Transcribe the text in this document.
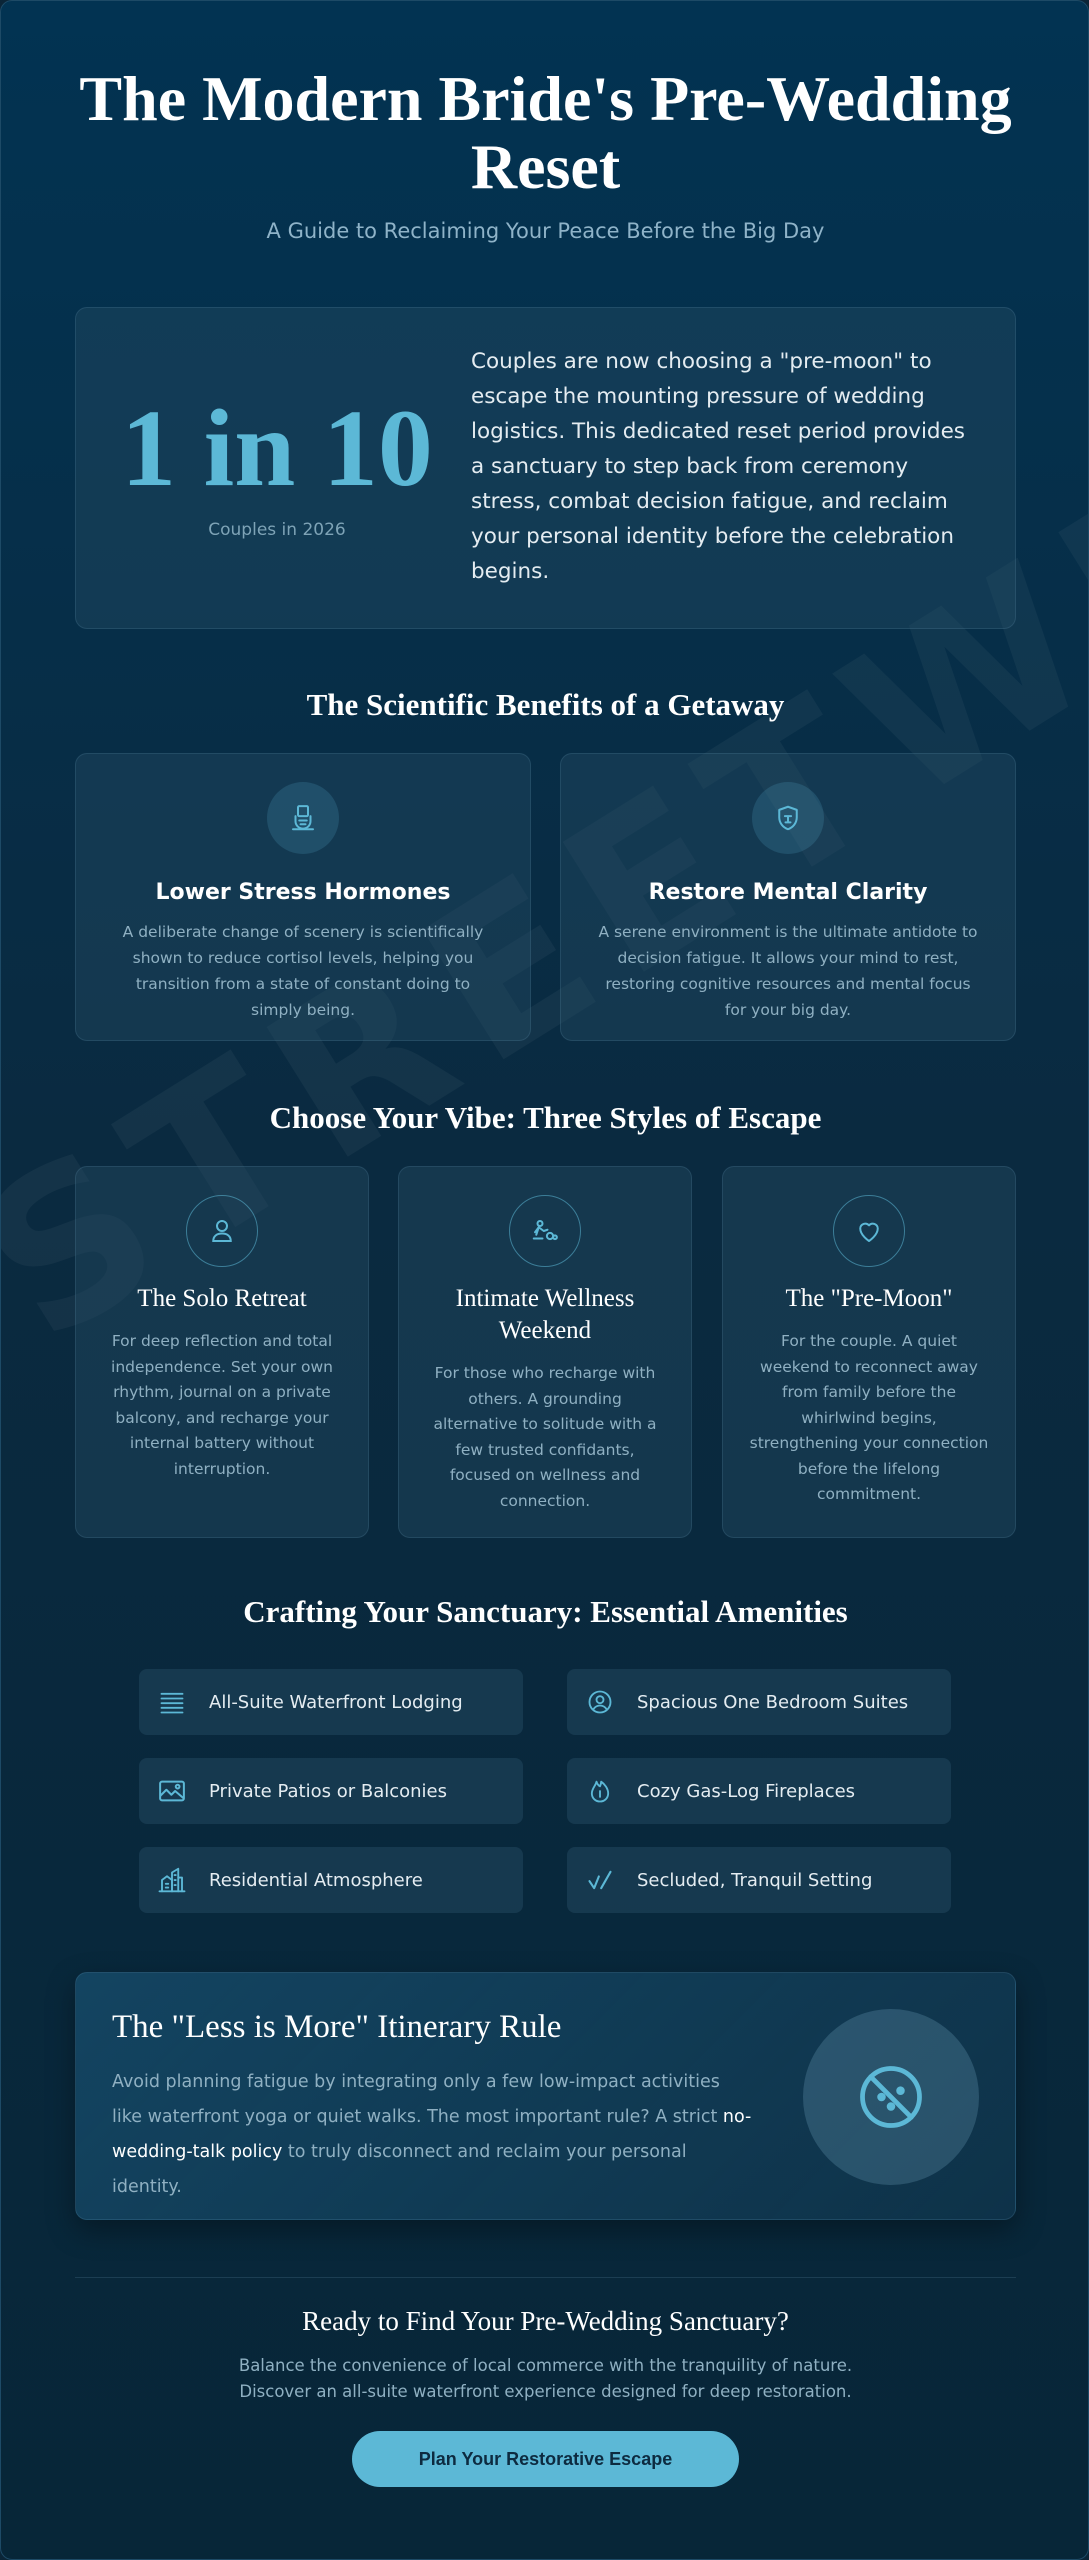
The Modern Bride's Pre-Wedding Reset
A Guide to Reclaiming Your Peace Before the Big Day
1 in 10
Couples in 2026
Couples are now choosing a "pre-moon" to escape the mounting pressure of wedding logistics. This dedicated reset period provides a sanctuary to step back from ceremony stress, combat decision fatigue, and reclaim your personal identity before the celebration begins.
The Scientific Benefits of a Getaway
Lower Stress Hormones
A deliberate change of scenery is scientifically shown to reduce cortisol levels, helping you transition from a state of constant doing to simply being.
Restore Mental Clarity
A serene environment is the ultimate antidote to decision fatigue. It allows your mind to rest, restoring cognitive resources and mental focus for your big day.
Choose Your Vibe: Three Styles of Escape
The Solo Retreat
For deep reflection and total independence. Set your own rhythm, journal on a private balcony, and recharge your internal battery without interruption.
Intimate Wellness Weekend
For those who recharge with others. A grounding alternative to solitude with a few trusted confidants, focused on wellness and connection.
The "Pre-Moon"
For the couple. A quiet weekend to reconnect away from family before the whirlwind begins, strengthening your connection before the lifelong commitment.
Crafting Your Sanctuary: Essential Amenities
All-Suite Waterfront Lodging	Spacious One Bedroom Suites
Private Patios or Balconies	Cozy Gas-Log Fireplaces
Residential Atmosphere	Secluded, Tranquil Setting
The "Less is More" Itinerary Rule
Avoid planning fatigue by integrating only a few low-impact activities like waterfront yoga or quiet walks. The most important rule? A strict no-wedding-talk policy to truly disconnect and reclaim your personal identity.
Ready to Find Your Pre-Wedding Sanctuary?
Balance the convenience of local commerce with the tranquility of nature.
Discover an all-suite waterfront experience designed for deep restoration.
Plan Your Restorative Escape
